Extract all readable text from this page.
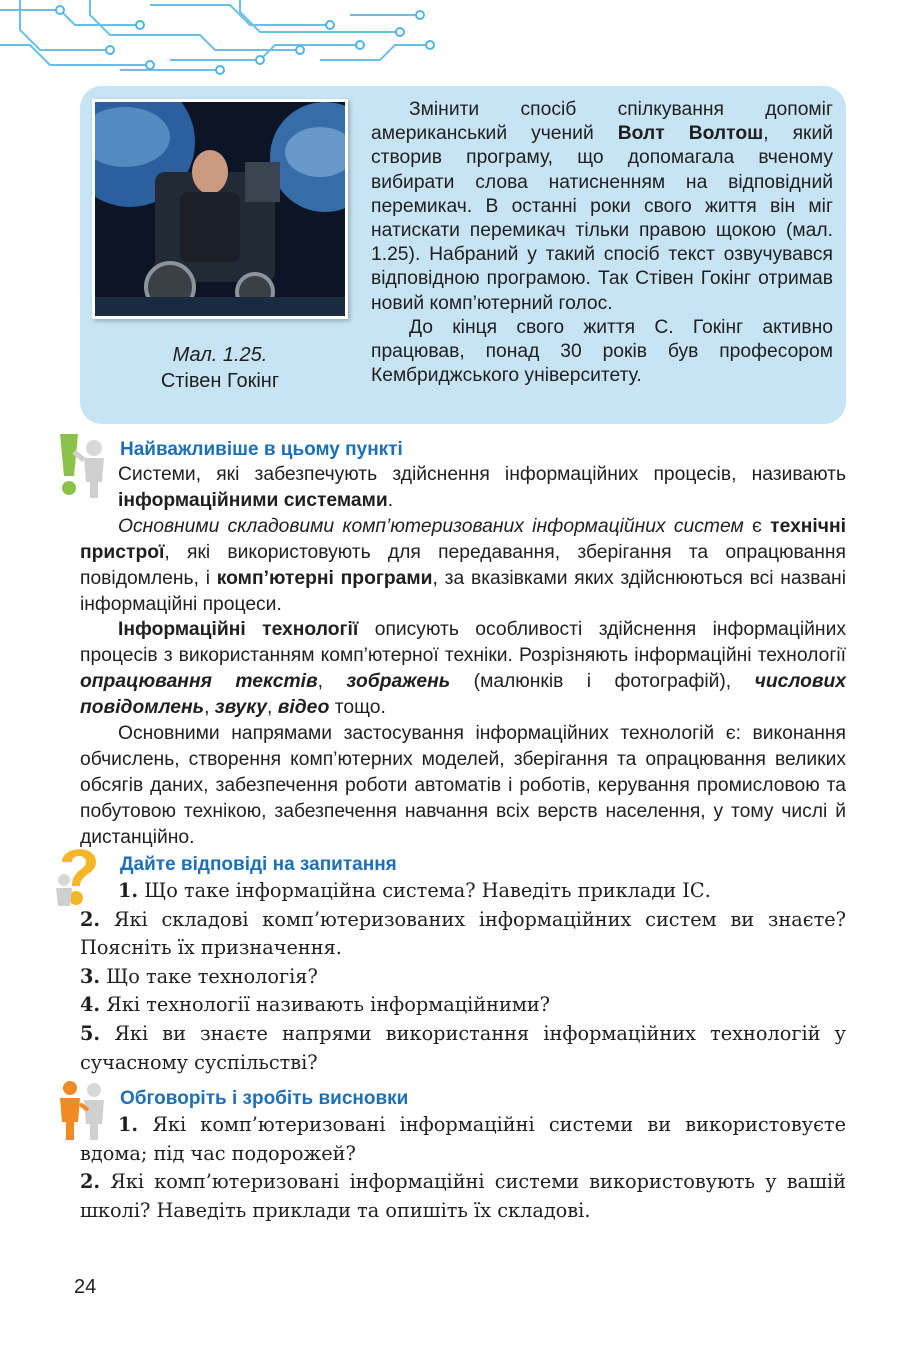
Мал. 1.25.
Стівен Гокінг

Змінити спосіб спілкування допоміг американський учений Волт Волтош, який створив програму, що допомагала вченому вибирати слова натисненням на відповідний перемикач. В останні роки свого життя він міг натискати перемикач тільки правою щокою (мал. 1.25). Набраний у такий спосіб текст озвучувався відповідною програмою. Так Стівен Гокінг отримав новий комп’ютерний голос.

До кінця свого життя С. Гокінг активно працював, понад 30 років був професором Кембриджського університету.

Найважливіше в цьому пункті

Системи, які забезпечують здійснення інформаційних процесів, називають інформаційними системами.

Основними складовими комп’ютеризованих інформаційних систем є технічні пристрої, які використовують для передавання, зберігання та опрацювання повідомлень, і комп’ютерні програми, за вказівками яких здійснюються всі названі інформаційні процеси.

Інформаційні технології описують особливості здійснення інформаційних процесів з використанням комп’ютерної техніки. Розрізняють інформаційні технології опрацювання текстів, зображень (малюнків і фотографій), числових повідомлень, звуку, відео тощо.

Основними напрямами застосування інформаційних технологій є: виконання обчислень, створення комп’ютерних моделей, зберігання та опрацювання великих обсягів даних, забезпечення роботи автоматів і роботів, керування промисловою та побутовою технікою, забезпечення навчання всіх верств населення, у тому числі й дистанційно.

Дайте відповіді на запитання

1. Що таке інформаційна система? Наведіть приклади ІС.

2. Які складові комп’ютеризованих інформаційних систем ви знаєте? Поясніть їх призначення.

3. Що таке технологія?

4. Які технології називають інформаційними?

5. Які ви знаєте напрями використання інформаційних технологій у сучасному суспільстві?

Обговоріть і зробіть висновки

1. Які комп’ютеризовані інформаційні системи ви використовуєте вдома; під час подорожей?

2. Які комп’ютеризовані інформаційні системи використовують у вашій школі? Наведіть приклади та опишіть їх складові.

24
